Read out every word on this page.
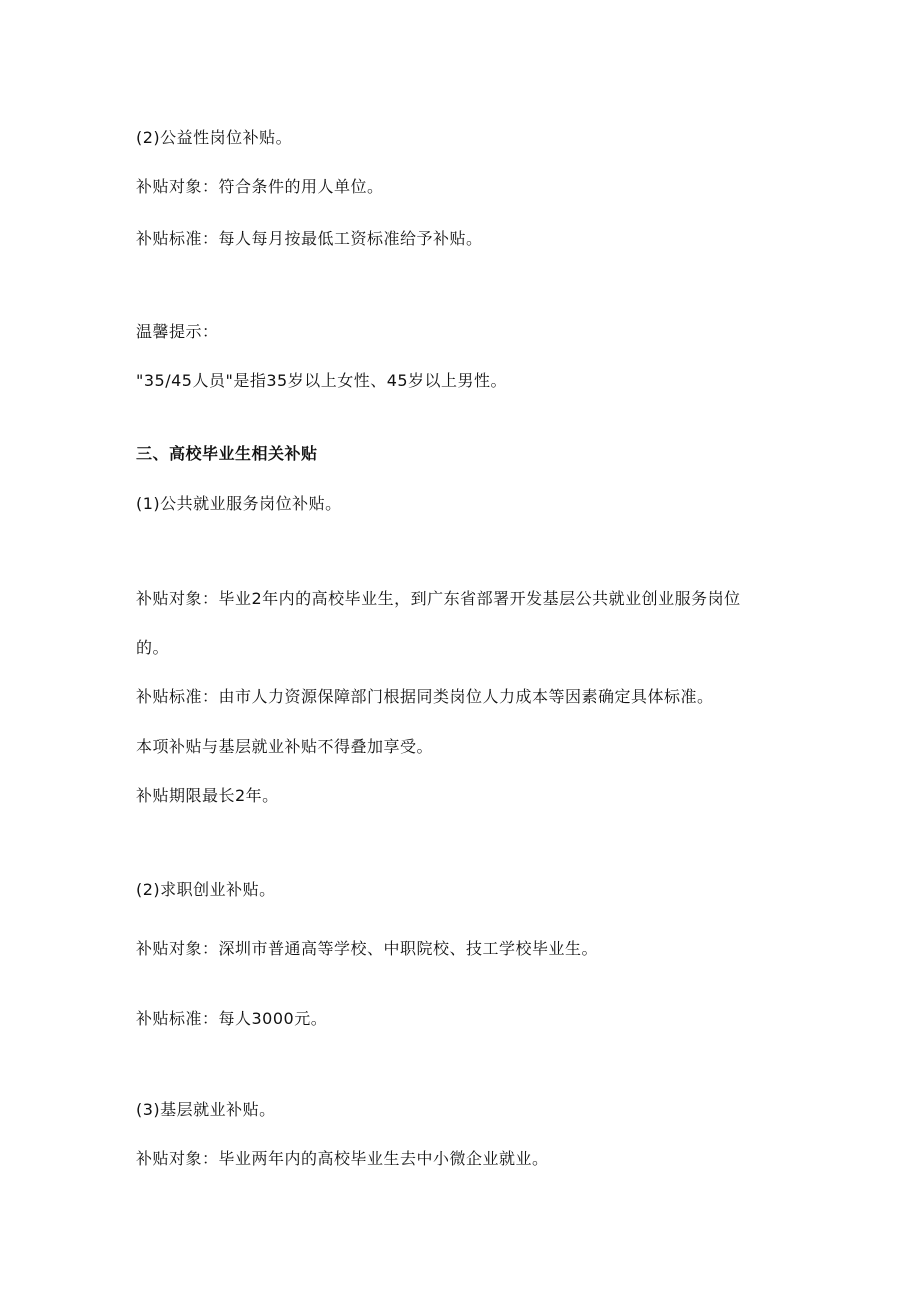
(2)公益性岗位补贴。
补贴对象：符合条件的用人单位。
补贴标准：每人每月按最低工资标准给予补贴。
温馨提示：
"35/45人员"是指35岁以上女性、45岁以上男性。
三、高校毕业生相关补贴
(1)公共就业服务岗位补贴。
补贴对象：毕业2年内的高校毕业生，到广东省部署开发基层公共就业创业服务岗位
的。
补贴标准：由市人力资源保障部门根据同类岗位人力成本等因素确定具体标准。
本项补贴与基层就业补贴不得叠加享受。
补贴期限最长2年。
(2)求职创业补贴。
补贴对象：深圳市普通高等学校、中职院校、技工学校毕业生。
补贴标准：每人3000元。
(3)基层就业补贴。
补贴对象：毕业两年内的高校毕业生去中小微企业就业。
